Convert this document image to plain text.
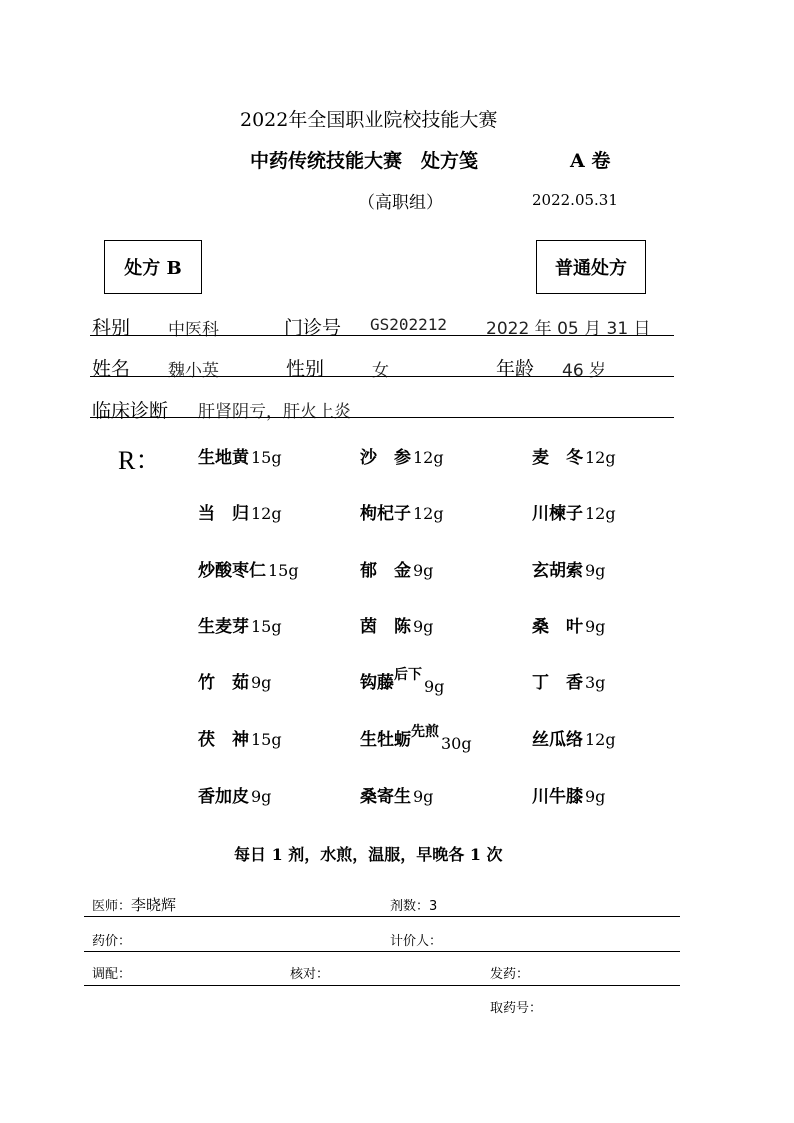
2022年全国职业院校技能大赛
中药传统技能大赛　处方笺	A 卷
（高职组）	2022.05.31
处方 B	普通处方
科别 中医科	门诊号 GS202212 2022 年 05 月 31 日
姓名 魏小英	性别	女	年龄 46 岁
临床诊断 肝肾阴亏，肝火上炎
R： 生地黄 15g	沙　参 12g	麦　冬 12g
当　归 12g	枸杞子 12g	川楝子 12g
炒酸枣仁 15g	郁　金 9g	玄胡索 9g
生麦芽 15g	茵　陈 9g	桑　叶 9g
竹　茹 9g	钩藤$^{后下}$9g	丁　香 3g
茯　神 15g	生牡蛎$^{先煎}$30g	丝瓜络 12g
香加皮 9g	桑寄生 9g	川牛膝 9g
每日 1 剂，水煎，温服，早晚各 1 次
医师：李晓辉	剂数：3
药价：	计价人：
调配：	核对：	发药：
取药号：
